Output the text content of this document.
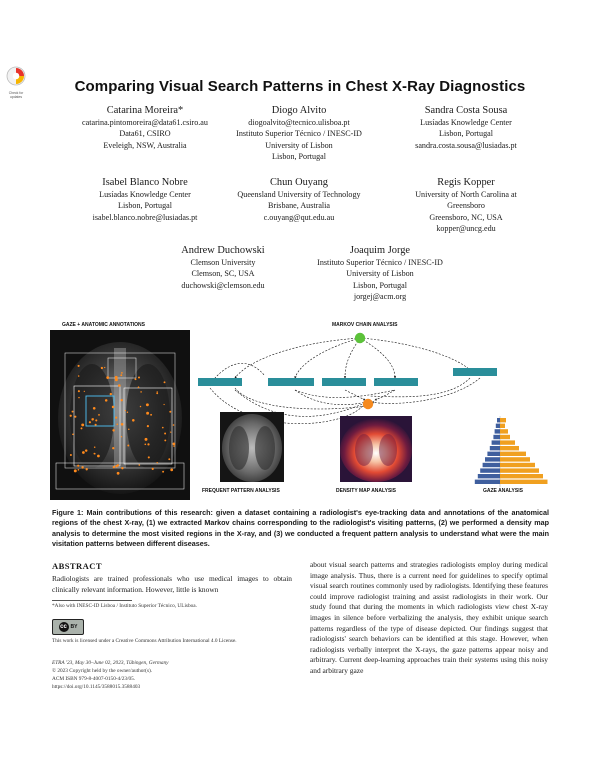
Check for updates
Comparing Visual Search Patterns in Chest X-Ray Diagnostics
Catarina Moreira*
catarina.pintomoreira@data61.csiro.au
Data61, CSIRO
Eveleigh, NSW, Australia
Diogo Alvito
diogoalvito@tecnico.ulisboa.pt
Instituto Superior Técnico / INESC-ID
University of Lisbon
Lisbon, Portugal
Sandra Costa Sousa
Lusíadas Knowledge Center
Lisbon, Portugal
sandra.costa.sousa@lusiadas.pt
Isabel Blanco Nobre
Lusíadas Knowledge Center
Lisbon, Portugal
isabel.blanco.nobre@lusiadas.pt
Chun Ouyang
Queensland University of Technology
Brisbane, Australia
c.ouyang@qut.edu.au
Regis Kopper
University of North Carolina at
Greensboro
Greensboro, NC, USA
kopper@uncg.edu
Andrew Duchowski
Clemson University
Clemson, SC, USA
duchowski@clemson.edu
Joaquim Jorge
Instituto Superior Técnico / INESC-ID
University of Lisbon
Lisbon, Portugal
jorgej@acm.org
GAZE + ANATOMIC ANNOTATIONS	MARKOV CHAIN ANALYSIS
FREQUENT PATTERN ANALYSIS	DENSITY MAP ANALYSIS	GAZE ANALYSIS
Figure 1: Main contributions of this research: given a dataset containing a radiologist's eye-tracking data and annotations of the anatomical regions of the chest X-ray, (1) we extracted Markov chains corresponding to the radiologist's visiting patterns, (2) we performed a density map analysis to determine the most visited regions in the X-ray, and (3) we conducted a frequent pattern analysis to understand what were the main visitation patterns between different diseases.
ABSTRACT
Radiologists are trained professionals who use medical images to obtain clinically relevant information. However, little is known
*Also with INESC-ID Lisboa / Instituto Superior Técnico, ULisboa.
cc BY
This work is licensed under a Creative Commons Attribution International 4.0 License.
ETRA '23, May 30–June 02, 2023, Tübingen, Germany
© 2023 Copyright held by the owner/author(s).
ACM ISBN 979-8-4007-0150-4/23/05.
https://doi.org/10.1145/3588015.3588403
about visual search patterns and strategies radiologists employ during medical image analysis. Thus, there is a current need for guidelines to specify optimal visual search routines commonly used by radiologists. Identifying these features could improve radiologist training and assist radiologists in their work. Our study found that during the moments in which radiologists view chest X-ray images in silence before verbalizing the analysis, they exhibit unique search patterns regardless of the type of disease depicted. Our findings suggest that radiologists' search behaviors can be identified at this stage. However, when radiologists verbally interpret the X-rays, the gaze patterns appear noisy and arbitrary. Current deep-learning approaches train their systems using this noisy and arbitrary gaze
